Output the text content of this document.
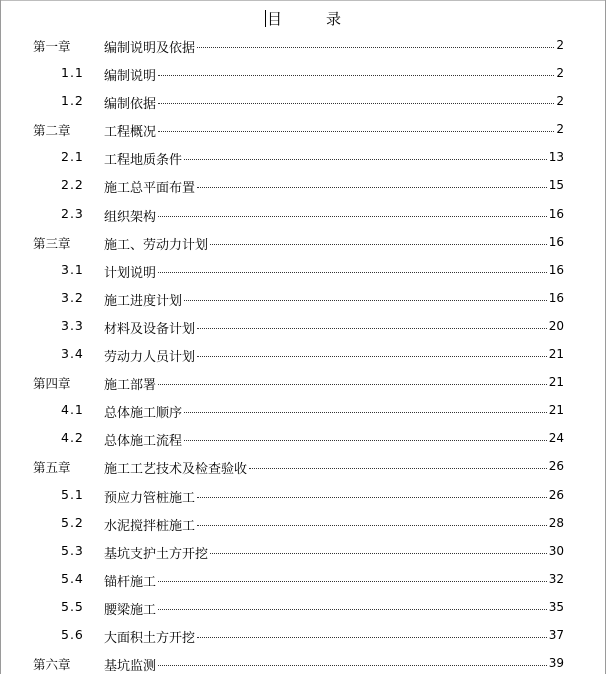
目	录
第一章	编制说明及依据	2
1.1 编制说明	2
1.2 编制依据	2
第二章	工程概况	2
2.1 工程地质条件	13
2.2 施工总平面布置	15
2.3 组织架构	16
第三章	施工、劳动力计划	16
3.1 计划说明	16
3.2 施工进度计划	16
3.3 材料及设备计划	20
3.4 劳动力人员计划	21
第四章	施工部署	21
4.1 总体施工顺序	21
4.2 总体施工流程	24
第五章	施工工艺技术及检查验收	26
5.1 预应力管桩施工	26
5.2 水泥搅拌桩施工	28
5.3 基坑支护土方开挖	30
5.4 锚杆施工	32
5.5 腰梁施工	35
5.6 大面积土方开挖	37
第六章	基坑监测	39
